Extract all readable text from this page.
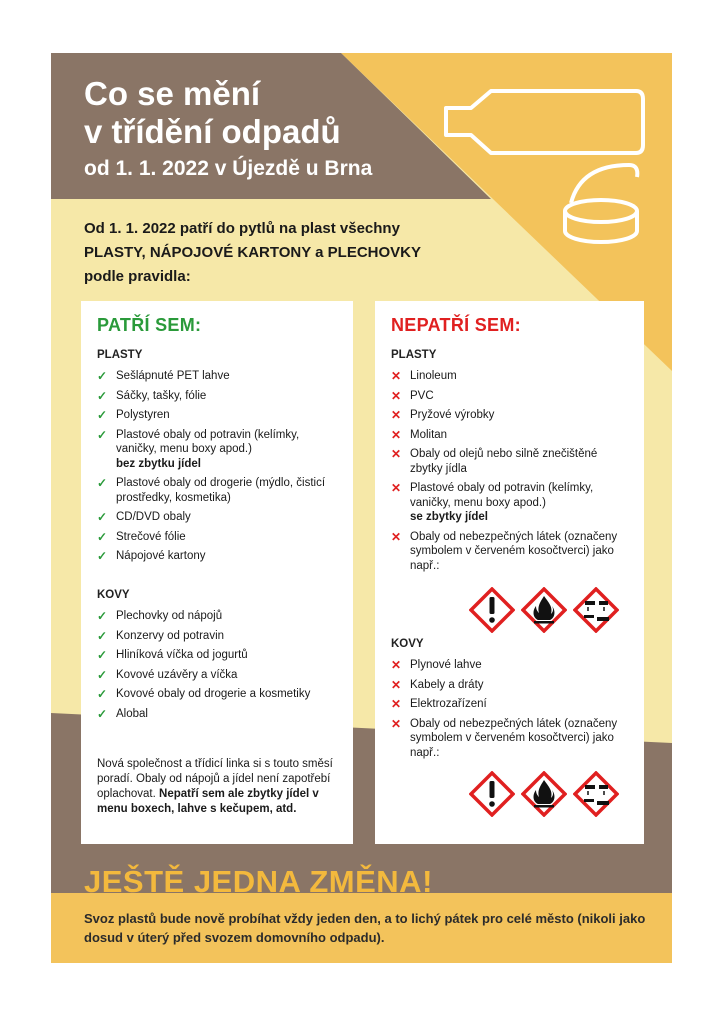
Co se mění
v třídění odpadů
od 1. 1. 2022 v Újezdě u Brna
Od 1. 1. 2022 patří do pytlů na plast všechny
PLASTY, NÁPOJOVÉ KARTONY a PLECHOVKY
podle pravidla:
PATŘÍ SEM:

PLASTY

✓ Sešlápnuté PET lahve
✓ Sáčky, tašky, fólie
✓ Polystyren
✓ Plastové obaly od potravin (kelímky, vaničky, menu boxy apod.)
bez zbytku jídel
✓ Plastové obaly od drogerie (mýdlo, čisticí prostředky, kosmetika)
✓ CD/DVD obaly
✓ Strečové fólie
✓ Nápojové kartony

KOVY

✓ Plechovky od nápojů
✓ Konzervy od potravin
✓ Hliníková víčka od jogurtů
✓ Kovové uzávěry a víčka
✓ Kovové obaly od drogerie a kosmetiky
✓ Alobal

Nová společnost a třídicí linka si s touto směsí poradí. Obaly od nápojů a jídel není zapotřebí oplachovat. Nepatří sem ale zbytky jídel v menu boxech, lahve s kečupem, atd.

NEPATŘÍ SEM:

PLASTY

✕ Linoleum
✕ PVC
✕ Pryžové výrobky
✕ Molitan
✕ Obaly od olejů nebo silně znečištěné zbytky jídla
✕ Plastové obaly od potravin (kelímky, vaničky, menu boxy apod.)
se zbytky jídel
✕ Obaly od nebezpečných látek (označeny symbolem v červeném kosočtverci) jako např.:

KOVY

✕ Plynové lahve
✕ Kabely a dráty
✕ Elektrozařízení
✕ Obaly od nebezpečných látek (označeny symbolem v červeném kosočtverci) jako např.:
JEŠTĚ JEDNA ZMĚNA!

Svoz plastů bude nově probíhat vždy jeden den, a to lichý pátek pro celé město (nikoli jako dosud v úterý před svozem domovního odpadu).
